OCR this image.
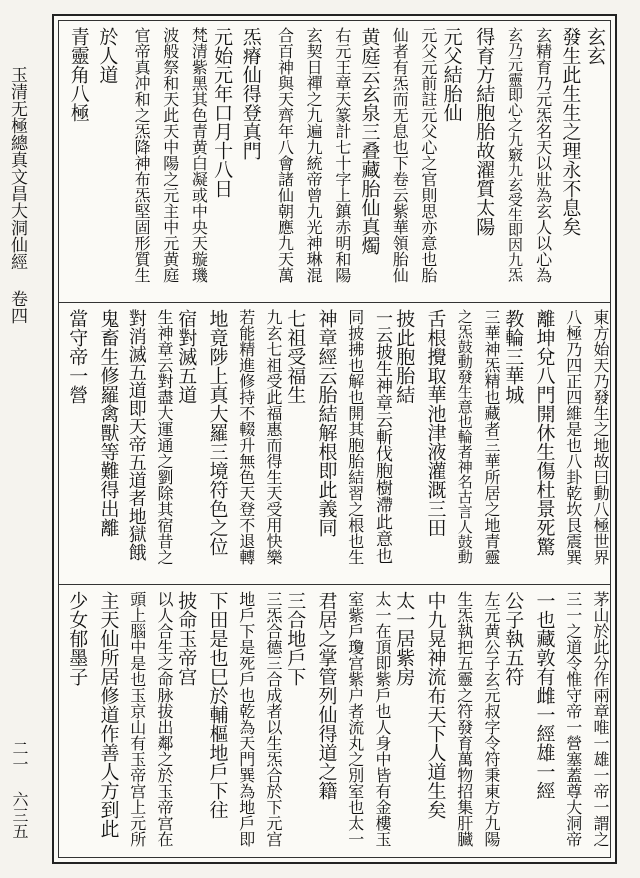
玉清无極總真文昌大洞仙經 卷四
二一 六三五
玄玄
發生此生生之理永不息矣
玄精育乃元炁名天以壯為玄人以心為
玄乃元靈即心之九竅九玄受生即因九炁
得育方結胞胎故濯質太陽
元父結胎仙
元父元前註元父心之官則思亦意也胎
仙者有炁而无息也下卷云紫華領胎仙
黄庭云玄泉三叠藏胎仙真燭
右元王章天篆計七十字上鎮赤明和陽
玄契日禪之九遍九統帝曾九光神琳混
合百神與天齊年八會諸仙朝應九天萬
炁瘠仙得登真門
元始元年口月十八日
梵清紫黑其色青黄白凝或中央天璇璣
波般祭和天此天中陽之元主中元黄庭
官帝真冲和之炁降神布炁堅固形質生
於人道
青靈角八極
東方始天乃發生之地故曰動八極世界
八極乃四正四維是也八卦乾坎艮震巽
離坤兌八門開休生傷杜景死驚
教輪三華城
三華神炁精也藏者三華所居之地青靈
之炁鼓動發生意也輪者神名古言人鼓動
舌根攪取華池津液灌溉三田
披此胞胎結
一云披生神章云斬伐胞樹滯此意也
同披拂也解也開其胞胎結習之根也生
神章經云胎結解根即此義同
七祖受福生
九玄七祖受此福惠而得生天受用快樂
若能精進修持不輟升無色天登不退轉
地竟陟上真大羅三境符色之位
宿對滅五道
生神章云對盡大運通之劉除其宿昔之
對消滅五道即天帝五道者地獄餓
鬼畜生修羅禽獸等難得出離
當守帝一營
茅山於此分作兩章唯一雄一帝一謂之
三一之道令惟守帝一營塞蓋尊大洞帝
一也藏敦有雌一經雄一經
公子執五符
左元黄公子玄元叔字令符秉東方九陽
生炁執把五靈之符發育萬物招集肝臓
中九晃神流布天下人道生矣
太一居紫房
太一在頂即紫戶也人身中皆有金樓玉
室紫戶瓊宫紫户者流丸之別室也太一
君居之掌管列仙得道之籍
三合地戶下
三炁合德三合成者以生炁合於下元宫
地戶下是死戶也乾為天門巽為地戶即
下田是也巳於輔樞地戶下往
披命玉帝宫
以人合生之命脉拔出鄰之於玉帝宫在
頭上腦中是也玉京山有玉帝宫上元所
主天仙所居修道作善人方到此
少女郁墨子
